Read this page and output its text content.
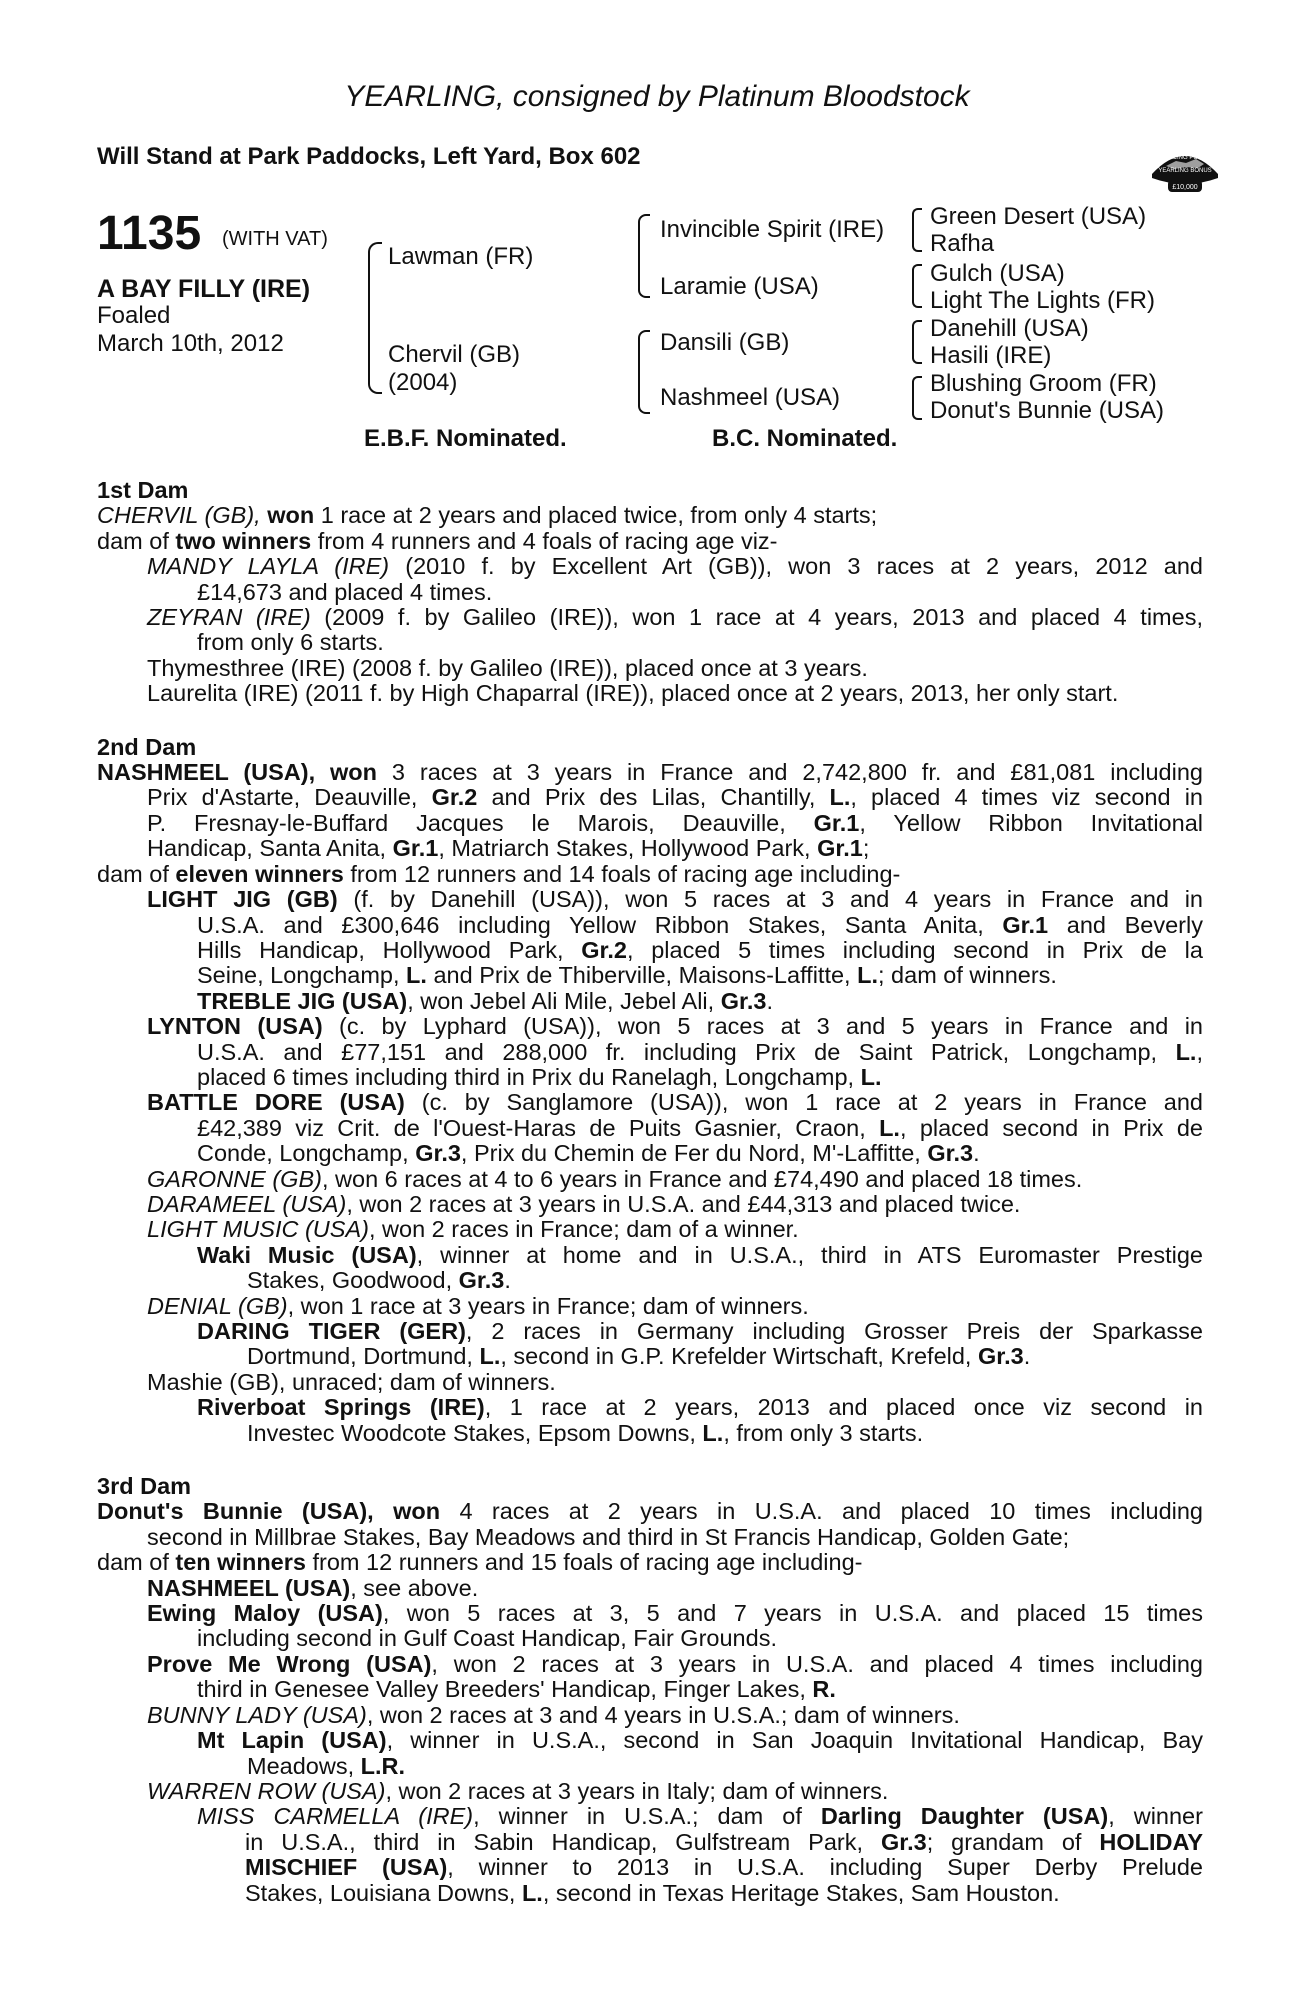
YEARLING, consigned by Platinum Bloodstock
Will Stand at Park Paddocks, Left Yard, Box 602	RACING POST
YEARLING BONUS
£10,000
1135 (WITH VAT)
A BAY FILLY (IRE)
Foaled
March 10th, 2012
Lawman (FR)
Chervil (GB)
(2004)
Invincible Spirit (IRE)
Laramie (USA)
Dansili (GB)
Nashmeel (USA)
Green Desert (USA)
Rafha
Gulch (USA)
Light The Lights (FR)
Danehill (USA)
Hasili (IRE)
Blushing Groom (FR)
Donut's Bunnie (USA)
E.B.F. Nominated.	B.C. Nominated.
1st Dam
CHERVIL (GB), won 1 race at 2 years and placed twice, from only 4 starts;
dam of two winners from 4 runners and 4 foals of racing age viz-
MANDY LAYLA (IRE) (2010 f. by Excellent Art (GB)), won 3 races at 2 years, 2012 and
£14,673 and placed 4 times.
ZEYRAN (IRE) (2009 f. by Galileo (IRE)), won 1 race at 4 years, 2013 and placed 4 times,
from only 6 starts.
Thymesthree (IRE) (2008 f. by Galileo (IRE)), placed once at 3 years.
Laurelita (IRE) (2011 f. by High Chaparral (IRE)), placed once at 2 years, 2013, her only start.
2nd Dam
NASHMEEL (USA), won 3 races at 3 years in France and 2,742,800 fr. and £81,081 including
Prix d'Astarte, Deauville, Gr.2 and Prix des Lilas, Chantilly, L., placed 4 times viz second in
P. Fresnay-le-Buffard Jacques le Marois, Deauville, Gr.1, Yellow Ribbon Invitational
Handicap, Santa Anita, Gr.1, Matriarch Stakes, Hollywood Park, Gr.1;
dam of eleven winners from 12 runners and 14 foals of racing age including-
LIGHT JIG (GB) (f. by Danehill (USA)), won 5 races at 3 and 4 years in France and in
U.S.A. and £300,646 including Yellow Ribbon Stakes, Santa Anita, Gr.1 and Beverly
Hills Handicap, Hollywood Park, Gr.2, placed 5 times including second in Prix de la
Seine, Longchamp, L. and Prix de Thiberville, Maisons-Laffitte, L.; dam of winners.
TREBLE JIG (USA), won Jebel Ali Mile, Jebel Ali, Gr.3.
LYNTON (USA) (c. by Lyphard (USA)), won 5 races at 3 and 5 years in France and in
U.S.A. and £77,151 and 288,000 fr. including Prix de Saint Patrick, Longchamp, L.,
placed 6 times including third in Prix du Ranelagh, Longchamp, L.
BATTLE DORE (USA) (c. by Sanglamore (USA)), won 1 race at 2 years in France and
£42,389 viz Crit. de l'Ouest-Haras de Puits Gasnier, Craon, L., placed second in Prix de
Conde, Longchamp, Gr.3, Prix du Chemin de Fer du Nord, M'-Laffitte, Gr.3.
GARONNE (GB), won 6 races at 4 to 6 years in France and £74,490 and placed 18 times.
DARAMEEL (USA), won 2 races at 3 years in U.S.A. and £44,313 and placed twice.
LIGHT MUSIC (USA), won 2 races in France; dam of a winner.
Waki Music (USA), winner at home and in U.S.A., third in ATS Euromaster Prestige
Stakes, Goodwood, Gr.3.
DENIAL (GB), won 1 race at 3 years in France; dam of winners.
DARING TIGER (GER), 2 races in Germany including Grosser Preis der Sparkasse
Dortmund, Dortmund, L., second in G.P. Krefelder Wirtschaft, Krefeld, Gr.3.
Mashie (GB), unraced; dam of winners.
Riverboat Springs (IRE), 1 race at 2 years, 2013 and placed once viz second in
Investec Woodcote Stakes, Epsom Downs, L., from only 3 starts.
3rd Dam
Donut's Bunnie (USA), won 4 races at 2 years in U.S.A. and placed 10 times including
second in Millbrae Stakes, Bay Meadows and third in St Francis Handicap, Golden Gate;
dam of ten winners from 12 runners and 15 foals of racing age including-
NASHMEEL (USA), see above.
Ewing Maloy (USA), won 5 races at 3, 5 and 7 years in U.S.A. and placed 15 times
including second in Gulf Coast Handicap, Fair Grounds.
Prove Me Wrong (USA), won 2 races at 3 years in U.S.A. and placed 4 times including
third in Genesee Valley Breeders' Handicap, Finger Lakes, R.
BUNNY LADY (USA), won 2 races at 3 and 4 years in U.S.A.; dam of winners.
Mt Lapin (USA), winner in U.S.A., second in San Joaquin Invitational Handicap, Bay
Meadows, L.R.
WARREN ROW (USA), won 2 races at 3 years in Italy; dam of winners.
MISS CARMELLA (IRE), winner in U.S.A.; dam of Darling Daughter (USA), winner
in U.S.A., third in Sabin Handicap, Gulfstream Park, Gr.3; grandam of HOLIDAY
MISCHIEF (USA), winner to 2013 in U.S.A. including Super Derby Prelude
Stakes, Louisiana Downs, L., second in Texas Heritage Stakes, Sam Houston.
